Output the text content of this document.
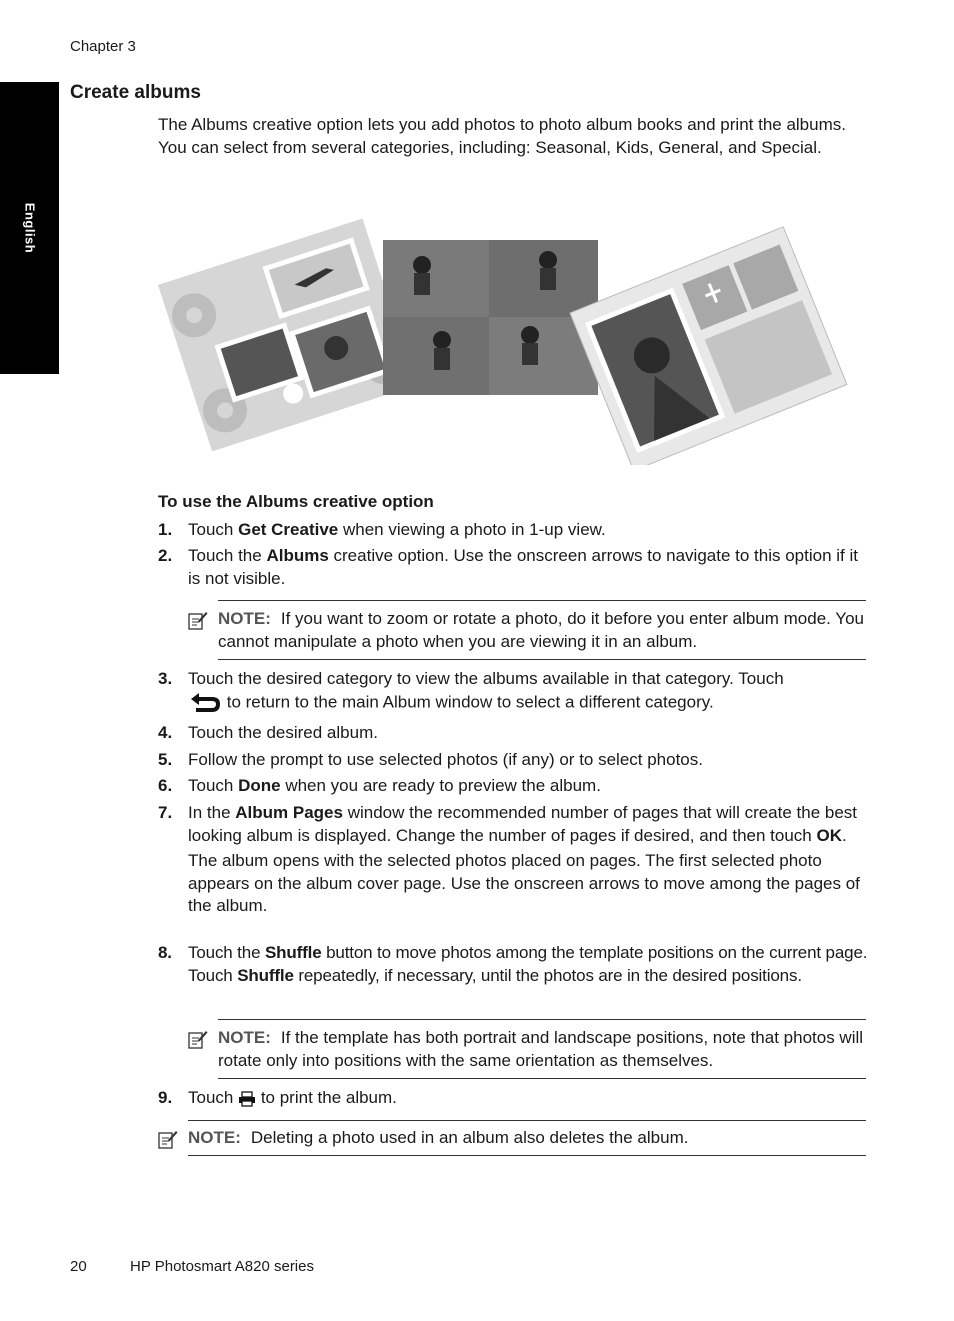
Chapter 3
English
Create albums

The Albums creative option lets you add photos to photo album books and print the albums. You can select from several categories, including: Seasonal, Kids, General, and Special.

To use the Albums creative option
1. Touch Get Creative when viewing a photo in 1-up view.
2. Touch the Albums creative option. Use the onscreen arrows to navigate to this option if it is not visible.
NOTE: If you want to zoom or rotate a photo, do it before you enter album mode. You cannot manipulate a photo when you are viewing it in an album.
3. Touch the desired category to view the albums available in that category. Touch
to return to the main Album window to select a different category.
4. Touch the desired album.
5. Follow the prompt to use selected photos (if any) or to select photos.
6. Touch Done when you are ready to preview the album.
7. In the Album Pages window the recommended number of pages that will create the best looking album is displayed. Change the number of pages if desired, and then touch OK.

The album opens with the selected photos placed on pages. The first selected photo appears on the album cover page. Use the onscreen arrows to move among the pages of the album.

8. Touch the Shuffle button to move photos among the template positions on the current page. Touch Shuffle repeatedly, if necessary, until the photos are in the desired positions.
NOTE: If the template has both portrait and landscape positions, note that photos will rotate only into positions with the same orientation as themselves.
9. Touch  to print the album.
NOTE: Deleting a photo used in an album also deletes the album.
20	HP Photosmart A820 series
